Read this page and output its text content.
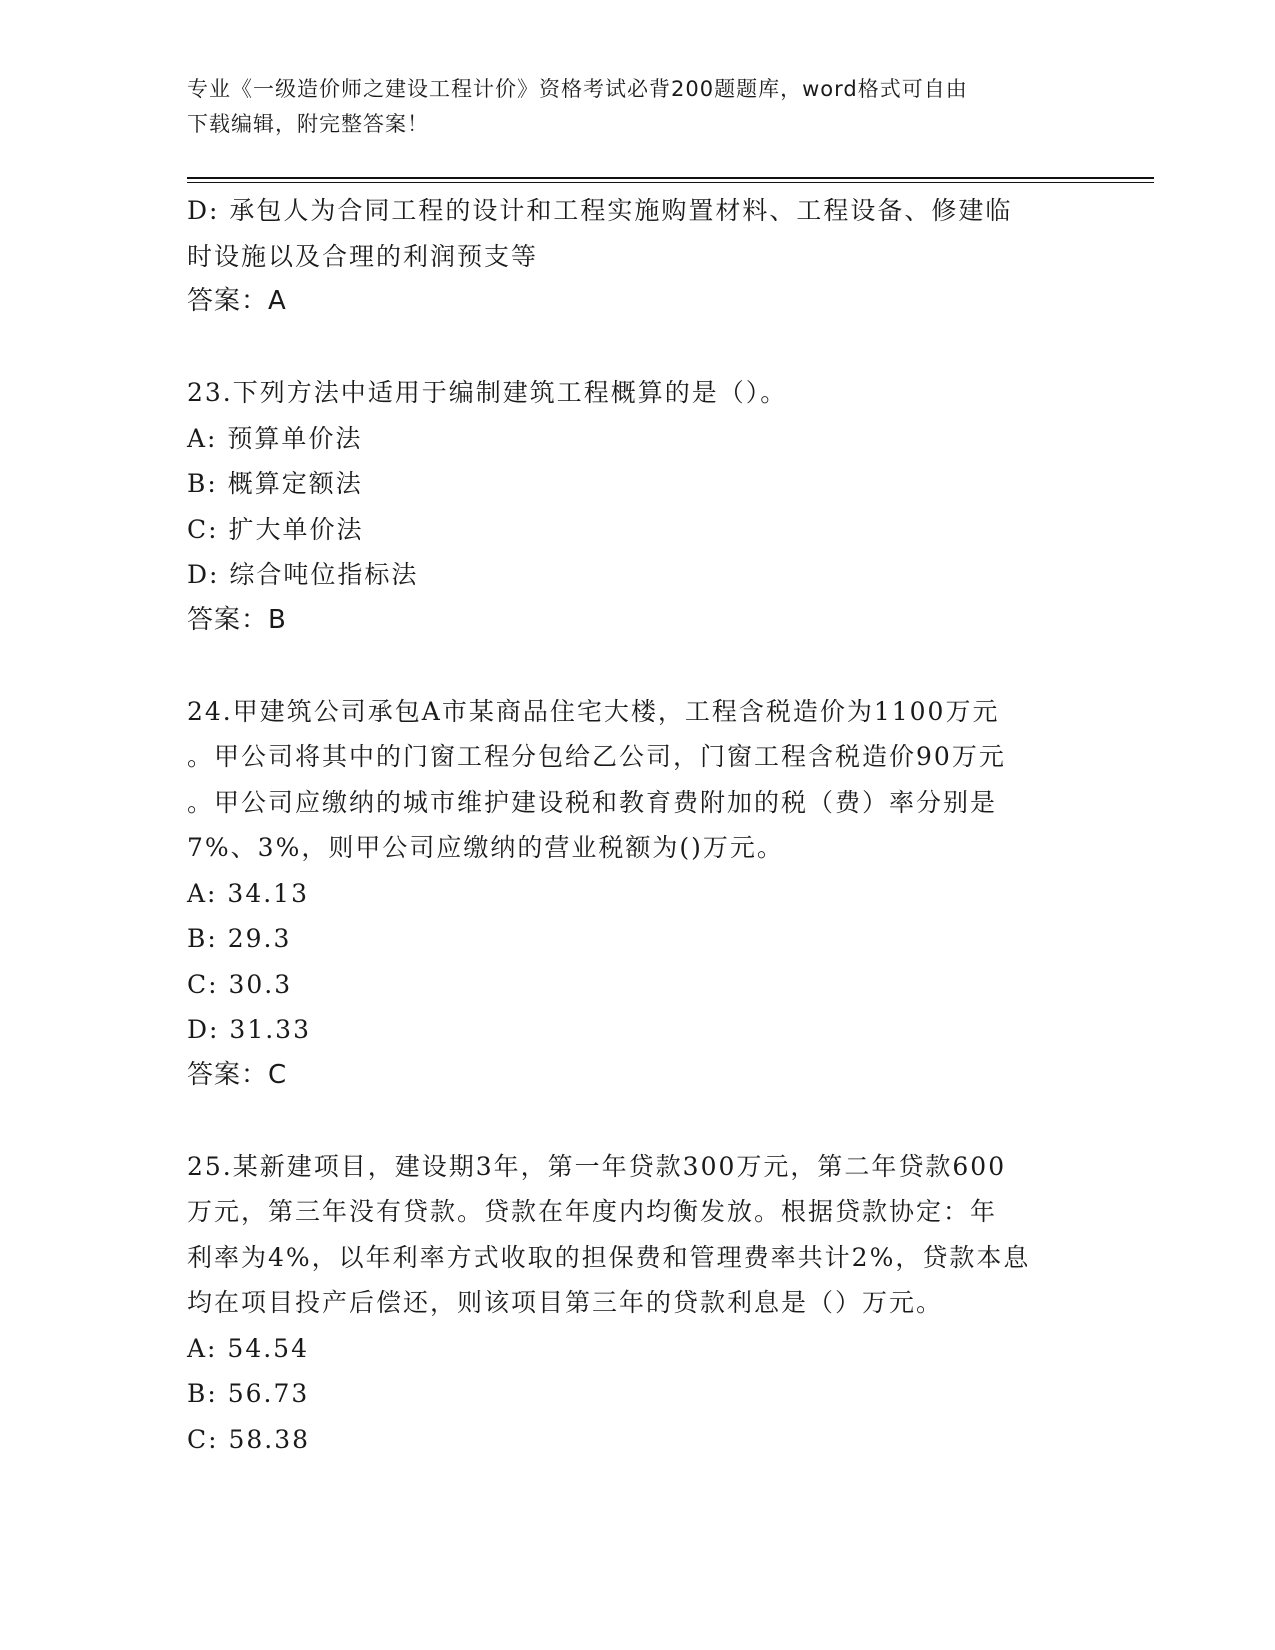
专业《一级造价师之建设工程计价》资格考试必背200题题库，word格式可自由
下载编辑，附完整答案！
D: 承包人为合同工程的设计和工程实施购置材料、工程设备、修建临
时设施以及合理的利润预支等
答案：A
23.下列方法中适用于编制建筑工程概算的是（）。
A: 预算单价法
B: 概算定额法
C: 扩大单价法
D: 综合吨位指标法
答案：B
24.甲建筑公司承包A市某商品住宅大楼，工程含税造价为1100万元
。甲公司将其中的门窗工程分包给乙公司，门窗工程含税造价90万元
。甲公司应缴纳的城市维护建设税和教育费附加的税（费）率分别是
7%、3%，则甲公司应缴纳的营业税额为()万元。
A: 34.13
B: 29.3
C: 30.3
D: 31.33
答案：C
25.某新建项目，建设期3年，第一年贷款300万元，第二年贷款600
万元，第三年没有贷款。贷款在年度内均衡发放。根据贷款协定：年
利率为4%，以年利率方式收取的担保费和管理费率共计2%，贷款本息
均在项目投产后偿还，则该项目第三年的贷款利息是（）万元。
A: 54.54
B: 56.73
C: 58.38
